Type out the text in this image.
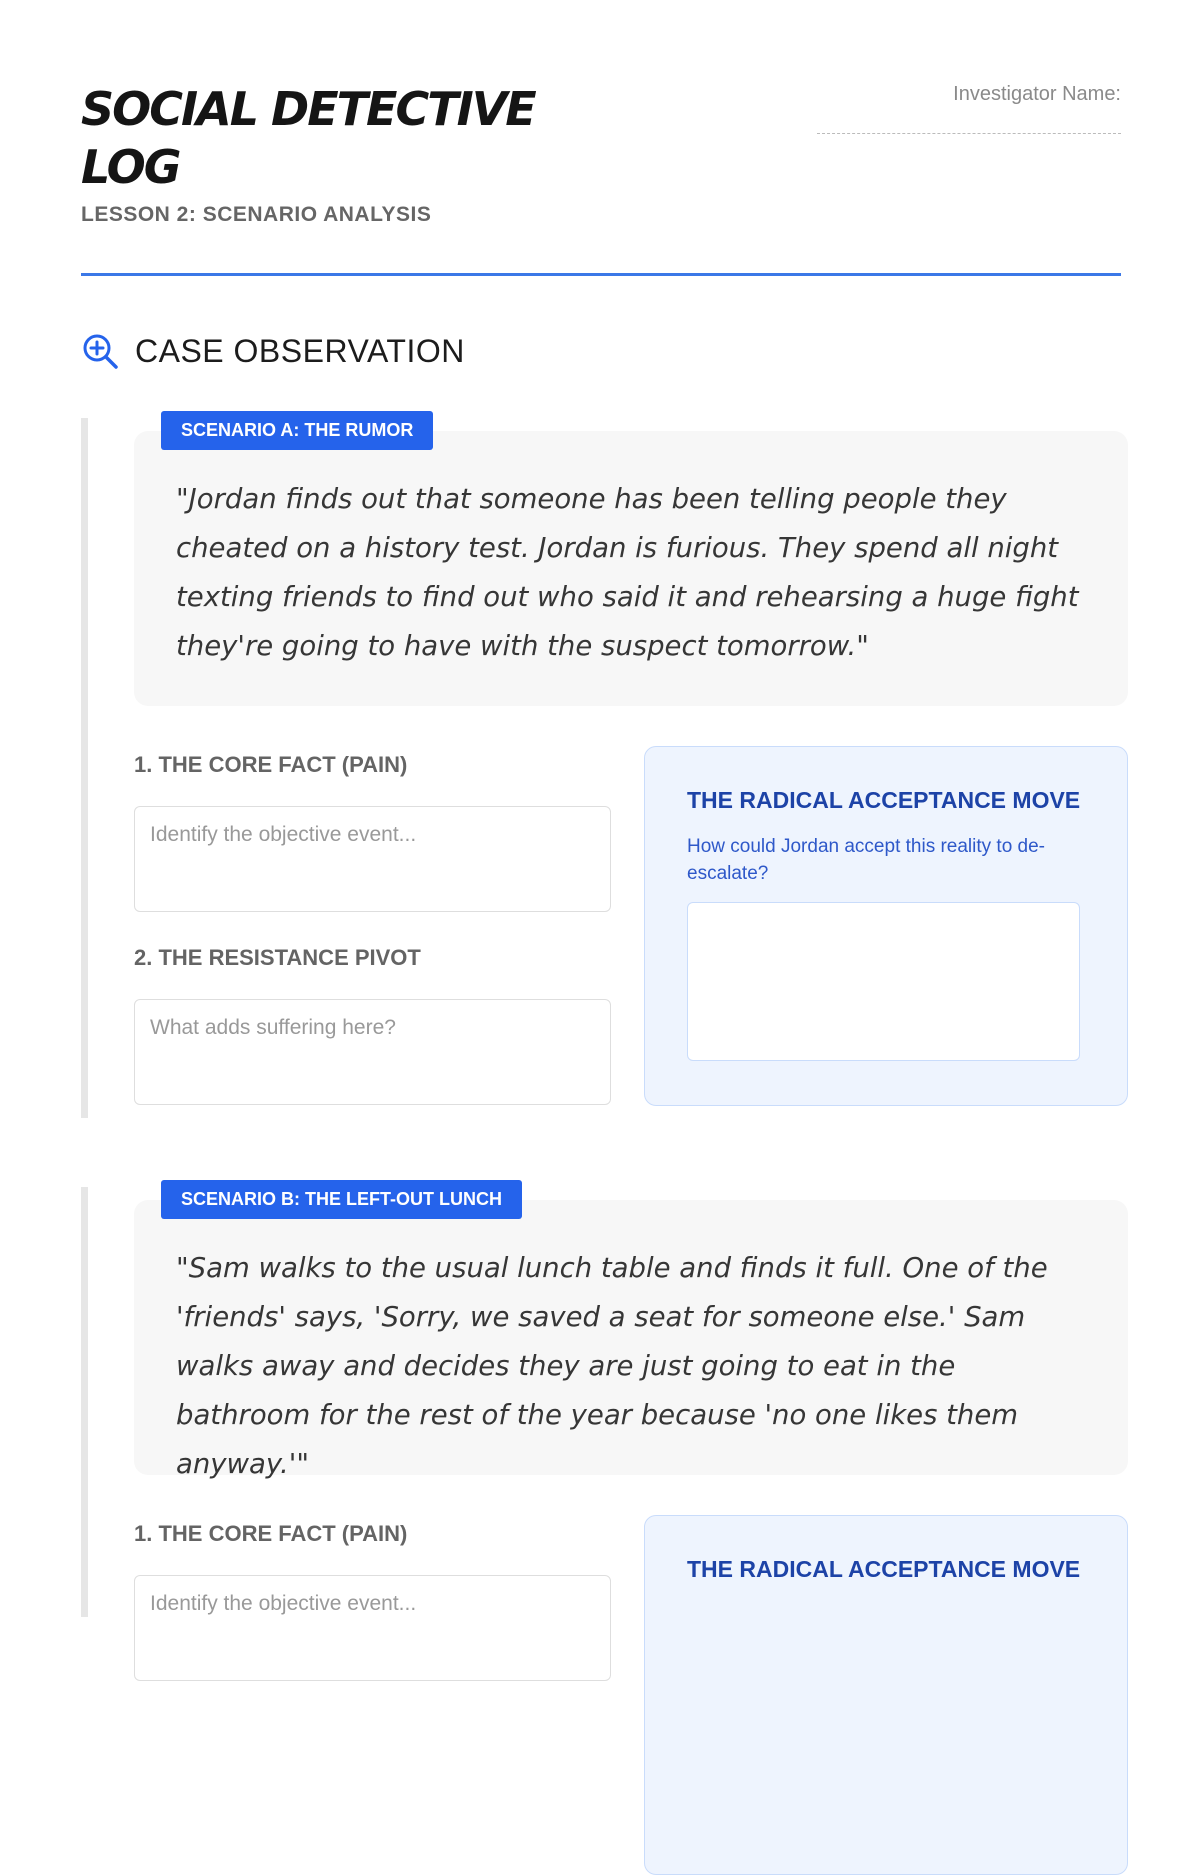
SOCIAL DETECTIVE LOG
LESSON 2: SCENARIO ANALYSIS
Investigator Name:
CASE OBSERVATION
SCENARIO A: THE RUMOR

"Jordan finds out that someone has been telling people they cheated on a history test. Jordan is furious. They spend all night texting friends to find out who said it and rehearsing a huge fight they're going to have with the suspect tomorrow."

1. THE CORE FACT (PAIN)
Identify the objective event...
2. THE RESISTANCE PIVOT
What adds suffering here?
THE RADICAL ACCEPTANCE MOVE
How could Jordan accept this reality to de-escalate?
SCENARIO B: THE LEFT-OUT LUNCH

"Sam walks to the usual lunch table and finds it full. One of the 'friends' says, 'Sorry, we saved a seat for someone else.' Sam walks away and decides they are just going to eat in the bathroom for the rest of the year because 'no one likes them anyway.'"

1. THE CORE FACT (PAIN)
Identify the objective event...
THE RADICAL ACCEPTANCE MOVE
